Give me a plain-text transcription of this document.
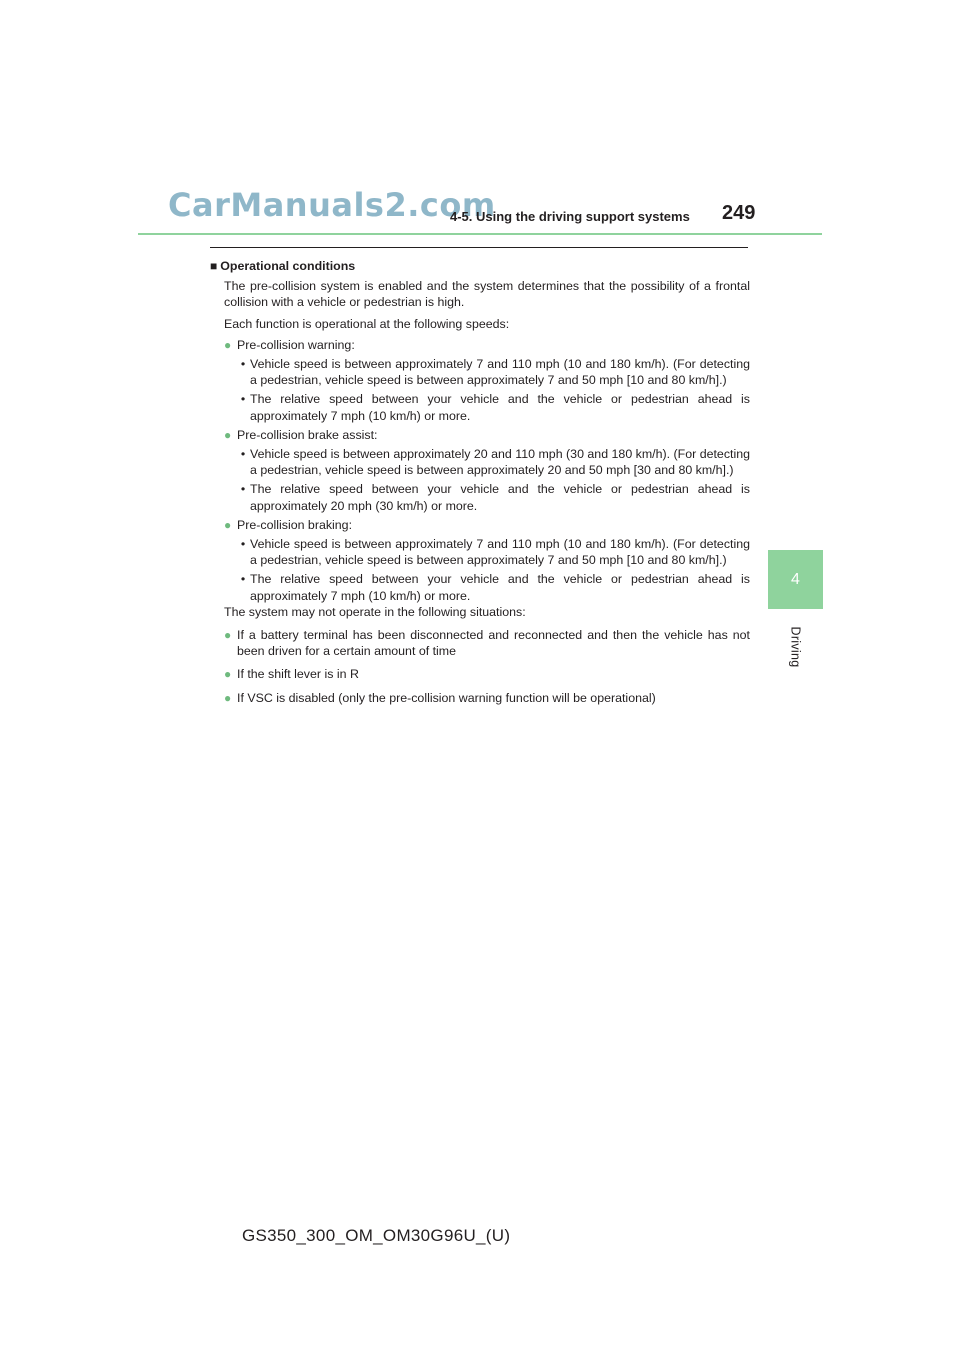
CarManuals2.com
4-5. Using the driving support systems 249
4
Driving
■ Operational conditions
The pre-collision system is enabled and the system determines that the possibility of a frontal collision with a vehicle or pedestrian is high.
Each function is operational at the following speeds:
● Pre-collision warning:
• Vehicle speed is between approximately 7 and 110 mph (10 and 180 km/h). (For detecting a pedestrian, vehicle speed is between approximately 7 and 50 mph [10 and 80 km/h].)
• The relative speed between your vehicle and the vehicle or pedestrian ahead is approximately 7 mph (10 km/h) or more.
● Pre-collision brake assist:
• Vehicle speed is between approximately 20 and 110 mph (30 and 180 km/h). (For detecting a pedestrian, vehicle speed is between approximately 20 and 50 mph [30 and 80 km/h].)
• The relative speed between your vehicle and the vehicle or pedestrian ahead is approximately 20 mph (30 km/h) or more.
● Pre-collision braking:
• Vehicle speed is between approximately 7 and 110 mph (10 and 180 km/h). (For detecting a pedestrian, vehicle speed is between approximately 7 and 50 mph [10 and 80 km/h].)
• The relative speed between your vehicle and the vehicle or pedestrian ahead is approximately 7 mph (10 km/h) or more.
The system may not operate in the following situations:
● If a battery terminal has been disconnected and reconnected and then the vehicle has not been driven for a certain amount of time
● If the shift lever is in R
● If VSC is disabled (only the pre-collision warning function will be operational)
GS350_300_OM_OM30G96U_(U)
